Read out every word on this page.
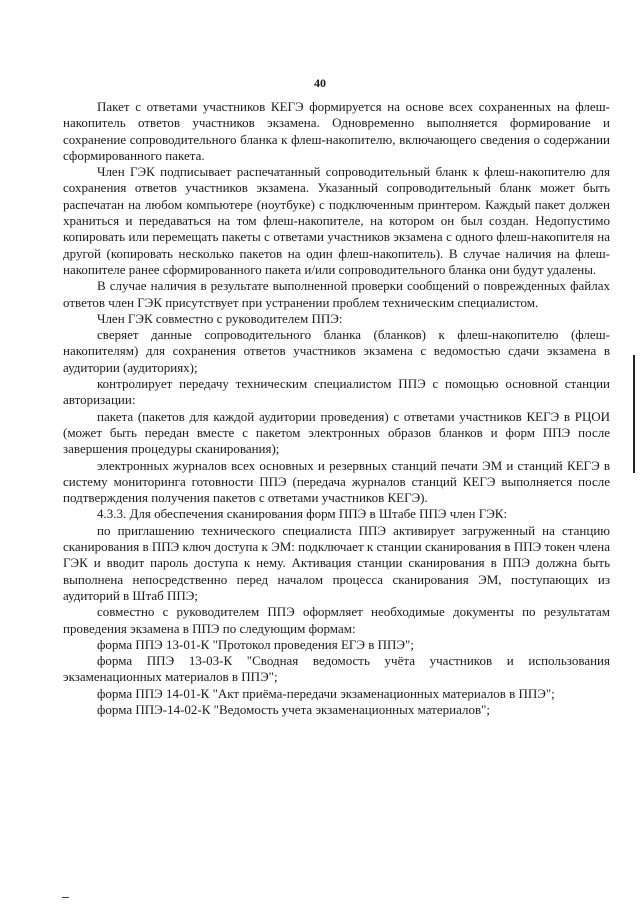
40

Пакет с ответами участников КЕГЭ формируется на основе всех сохраненных на флеш-накопитель ответов участников экзамена. Одновременно выполняется формирование и сохранение сопроводительного бланка к флеш-накопителю, включающего сведения о содержании сформированного пакета.

Член ГЭК подписывает распечатанный сопроводительный бланк к флеш-накопителю для сохранения ответов участников экзамена. Указанный сопроводительный бланк может быть распечатан на любом компьютере (ноутбуке) с подключенным принтером. Каждый пакет должен храниться и передаваться на том флеш-накопителе, на котором он был создан. Недопустимо копировать или перемещать пакеты с ответами участников экзамена с одного флеш-накопителя на другой (копировать несколько пакетов на один флеш-накопитель). В случае наличия на флеш-накопителе ранее сформированного пакета и/или сопроводительного бланка они будут удалены.

В случае наличия в результате выполненной проверки сообщений о поврежденных файлах ответов член ГЭК присутствует при устранении проблем техническим специалистом.

Член ГЭК совместно с руководителем ППЭ:

сверяет данные сопроводительного бланка (бланков) к флеш-накопителю (флеш-накопителям) для сохранения ответов участников экзамена с ведомостью сдачи экзамена в аудитории (аудиториях);

контролирует передачу техническим специалистом ППЭ с помощью основной станции авторизации:

пакета (пакетов для каждой аудитории проведения) с ответами участников КЕГЭ в РЦОИ (может быть передан вместе с пакетом электронных образов бланков и форм ППЭ после завершения процедуры сканирования);

электронных журналов всех основных и резервных станций печати ЭМ и станций КЕГЭ в систему мониторинга готовности ППЭ (передача журналов станций КЕГЭ выполняется после подтверждения получения пакетов с ответами участников КЕГЭ).

4.3.3. Для обеспечения сканирования форм ППЭ в Штабе ППЭ член ГЭК:

по приглашению технического специалиста ППЭ активирует загруженный на станцию сканирования в ППЭ ключ доступа к ЭМ: подключает к станции сканирования в ППЭ токен члена ГЭК и вводит пароль доступа к нему. Активация станции сканирования в ППЭ должна быть выполнена непосредственно перед началом процесса сканирования ЭМ, поступающих из аудиторий в Штаб ППЭ;

совместно с руководителем ППЭ оформляет необходимые документы по результатам проведения экзамена в ППЭ по следующим формам:

форма ППЭ 13-01-К "Протокол проведения ЕГЭ в ППЭ";

форма ППЭ 13-03-К "Сводная ведомость учёта участников и использования экзаменационных материалов в ППЭ";

форма ППЭ 14-01-К "Акт приёма-передачи экзаменационных материалов в ППЭ";

форма ППЭ-14-02-К "Ведомость учета экзаменационных материалов";
